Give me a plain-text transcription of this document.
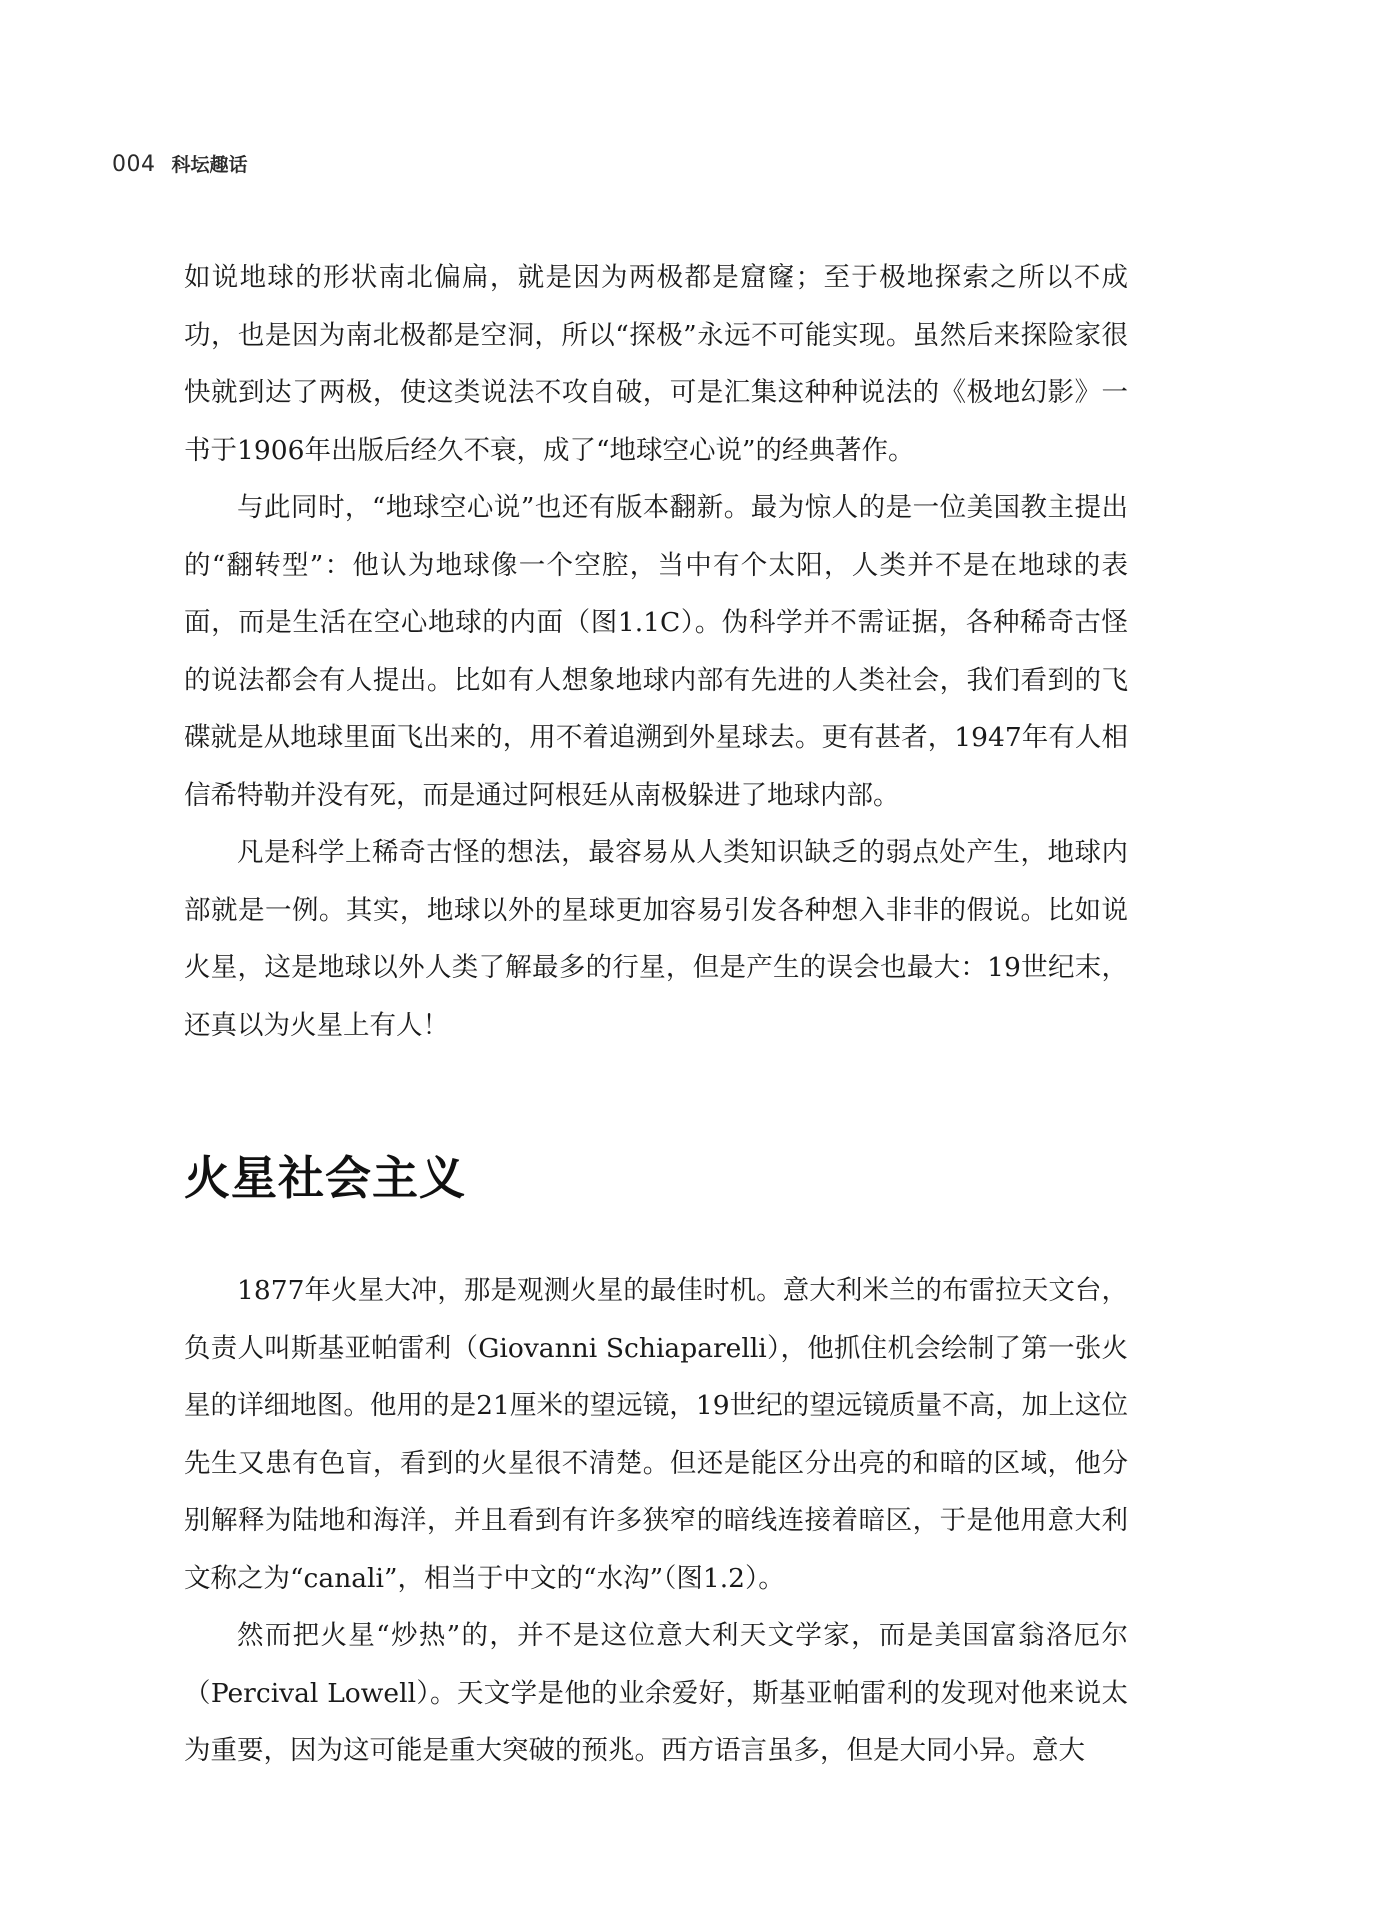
004 科坛趣话

如说地球的形状南北偏扁，就是因为两极都是窟窿；至于极地探索之所以不成功，也是因为南北极都是空洞，所以“探极”永远不可能实现。虽然后来探险家很快就到达了两极，使这类说法不攻自破，可是汇集这种种说法的《极地幻影》一书于1906年出版后经久不衰，成了“地球空心说”的经典著作。

与此同时，“地球空心说”也还有版本翻新。最为惊人的是一位美国教主提出的“翻转型”：他认为地球像一个空腔，当中有个太阳，人类并不是在地球的表面，而是生活在空心地球的内面（图1.1C）。伪科学并不需证据，各种稀奇古怪的说法都会有人提出。比如有人想象地球内部有先进的人类社会，我们看到的飞碟就是从地球里面飞出来的，用不着追溯到外星球去。更有甚者，1947年有人相信希特勒并没有死，而是通过阿根廷从南极躲进了地球内部。

凡是科学上稀奇古怪的想法，最容易从人类知识缺乏的弱点处产生，地球内部就是一例。其实，地球以外的星球更加容易引发各种想入非非的假说。比如说火星，这是地球以外人类了解最多的行星，但是产生的误会也最大：19世纪末，还真以为火星上有人！

火星社会主义

1877年火星大冲，那是观测火星的最佳时机。意大利米兰的布雷拉天文台，负责人叫斯基亚帕雷利（Giovanni Schiaparelli），他抓住机会绘制了第一张火星的详细地图。他用的是21厘米的望远镜，19世纪的望远镜质量不高，加上这位先生又患有色盲，看到的火星很不清楚。但还是能区分出亮的和暗的区域，他分别解释为陆地和海洋，并且看到有许多狭窄的暗线连接着暗区，于是他用意大利文称之为“canali”，相当于中文的“水沟”（图1.2）。

然而把火星“炒热”的，并不是这位意大利天文学家，而是美国富翁洛厄尔（Percival Lowell）。天文学是他的业余爱好，斯基亚帕雷利的发现对他来说太为重要，因为这可能是重大突破的预兆。西方语言虽多，但是大同小异。意大
